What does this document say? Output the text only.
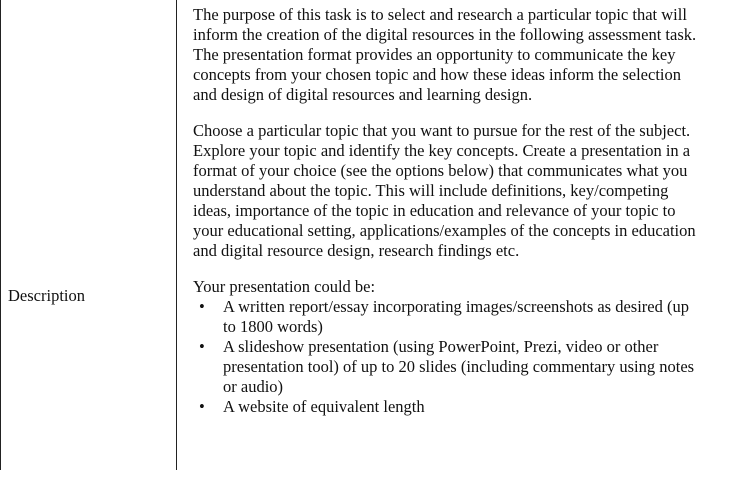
Description
The purpose of this task is to select and research a particular topic that will
inform the creation of the digital resources in the following assessment task.
The presentation format provides an opportunity to communicate the key
concepts from your chosen topic and how these ideas inform the selection
and design of digital resources and learning design.
Choose a particular topic that you want to pursue for the rest of the subject.
Explore your topic and identify the key concepts. Create a presentation in a
format of your choice (see the options below) that communicates what you
understand about the topic. This will include definitions, key/competing
ideas, importance of the topic in education and relevance of your topic to
your educational setting, applications/examples of the concepts in education
and digital resource design, research findings etc.
Your presentation could be:
• A written report/essay incorporating images/screenshots as desired (up
to 1800 words)
• A slideshow presentation (using PowerPoint, Prezi, video or other
presentation tool) of up to 20 slides (including commentary using notes
or audio)
• A website of equivalent length
